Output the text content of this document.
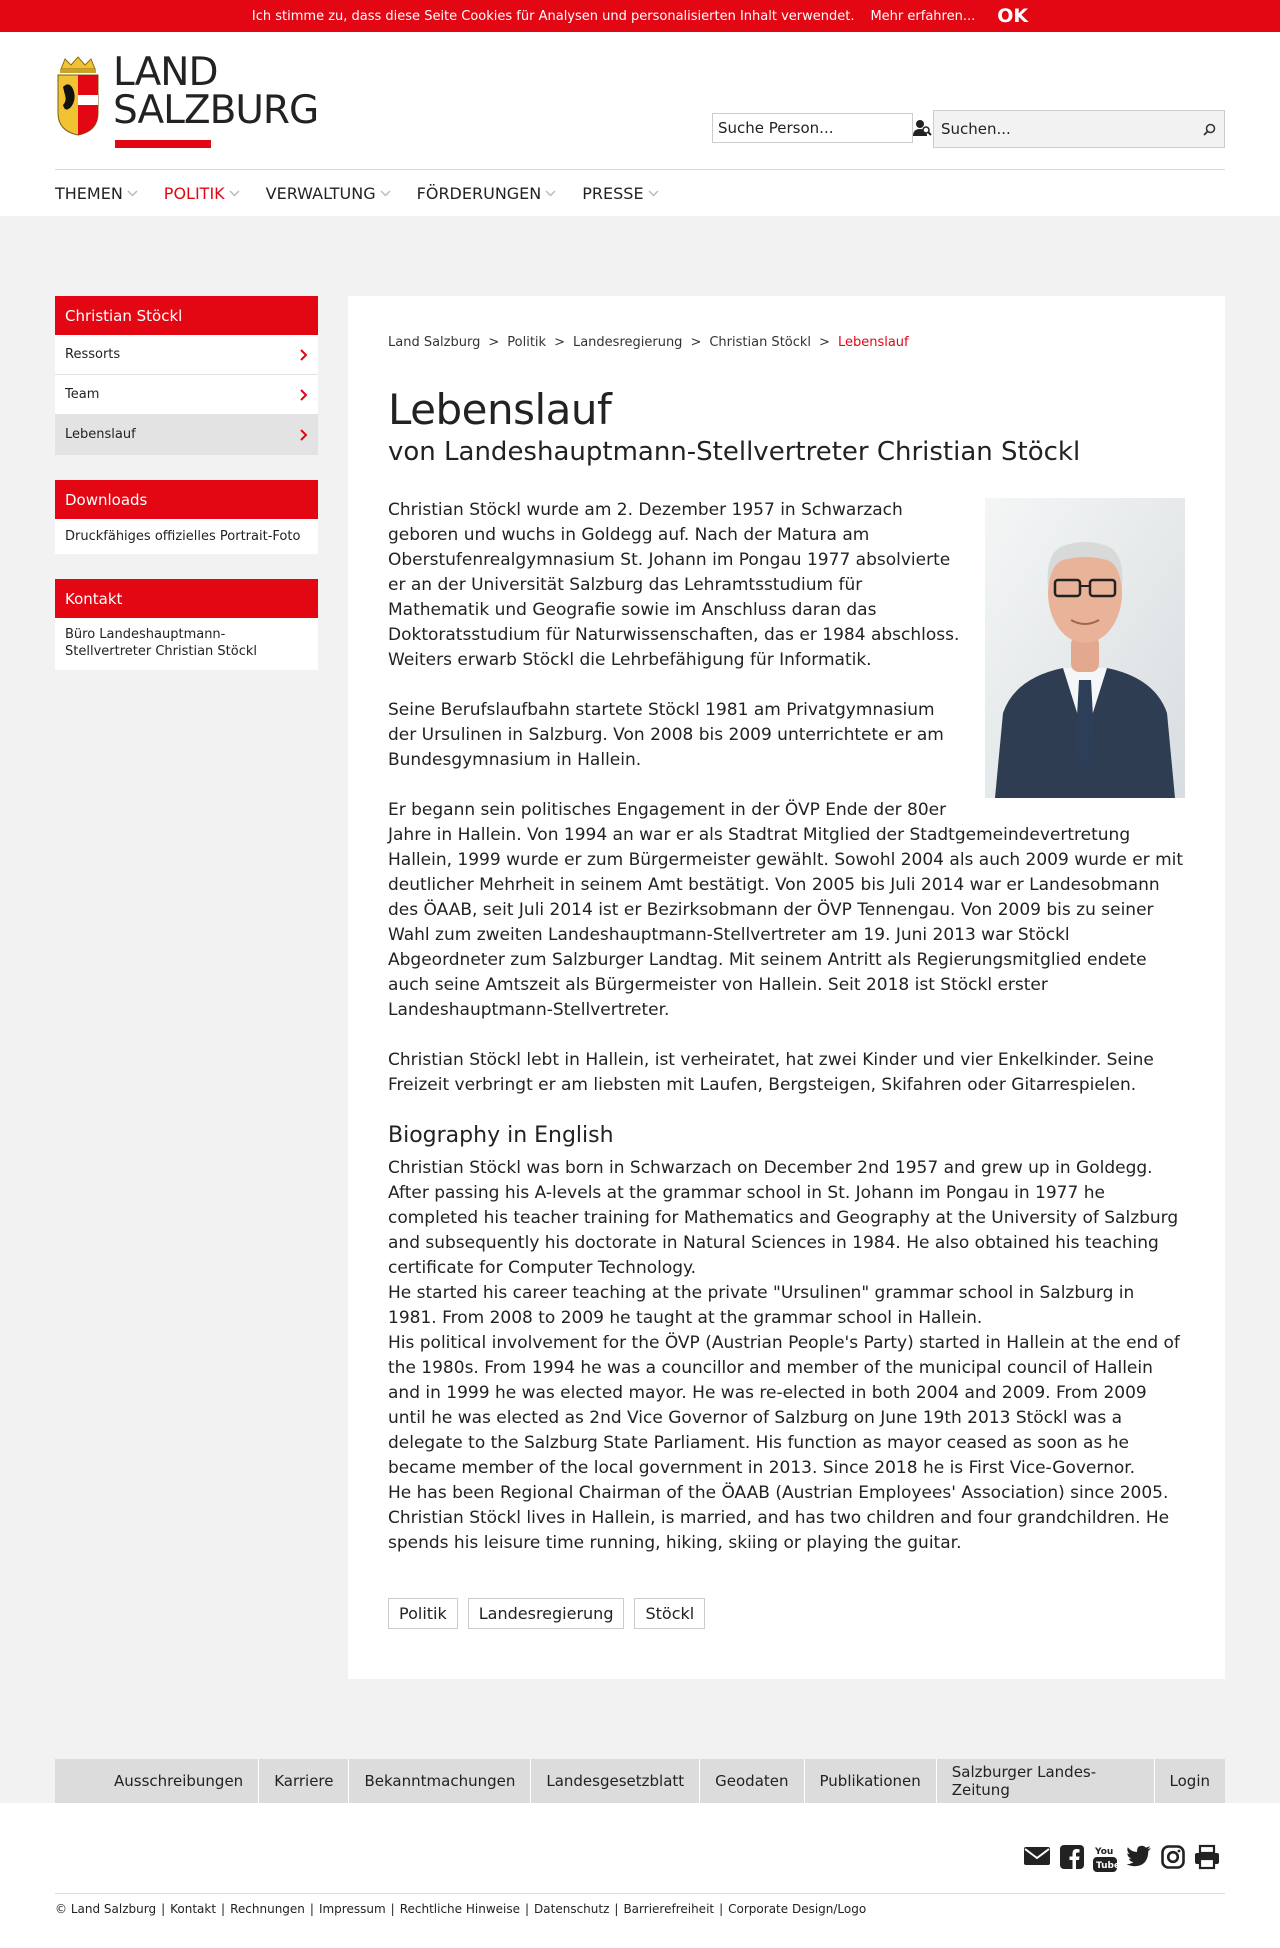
Ich stimme zu, dass diese Seite Cookies für Analysen und personalisierten Inhalt verwendet. Mehr erfahren... OK
LAND
SALZBURG
Suche Person...
Suchen...
THEMEN	POLITIK	VERWALTUNG	FÖRDERUNGEN	PRESSE
Christian Stöckl
Ressorts
Team
Lebenslauf
Downloads
Druckfähiges offizielles Portrait-Foto
Kontakt
Büro Landeshauptmann-Stellvertreter Christian Stöckl
Land Salzburg > Politik > Landesregierung > Christian Stöckl > Lebenslauf
Lebenslauf
von Landeshauptmann-Stellvertreter Christian Stöckl

Christian Stöckl wurde am 2. Dezember 1957 in Schwarzach geboren und wuchs in Goldegg auf. Nach der Matura am Oberstufenrealgymnasium St. Johann im Pongau 1977 absolvierte er an der Universität Salzburg das Lehramtsstudium für Mathematik und Geografie sowie im Anschluss daran das Doktoratsstudium für Naturwissenschaften, das er 1984 abschloss. Weiters erwarb Stöckl die Lehrbefähigung für Informatik.

Seine Berufslaufbahn startete Stöckl 1981 am Privatgymnasium der Ursulinen in Salzburg. Von 2008 bis 2009 unterrichtete er am Bundesgymnasium in Hallein.

Er begann sein politisches Engagement in der ÖVP Ende der 80er Jahre in Hallein. Von 1994 an war er als Stadtrat Mitglied der Stadtgemeindevertretung Hallein, 1999 wurde er zum Bürgermeister gewählt. Sowohl 2004 als auch 2009 wurde er mit deutlicher Mehrheit in seinem Amt bestätigt. Von 2005 bis Juli 2014 war er Landesobmann des ÖAAB, seit Juli 2014 ist er Bezirksobmann der ÖVP Tennengau. Von 2009 bis zu seiner Wahl zum zweiten Landeshauptmann-Stellvertreter am 19. Juni 2013 war Stöckl Abgeordneter zum Salzburger Landtag. Mit seinem Antritt als Regierungsmitglied endete auch seine Amtszeit als Bürgermeister von Hallein. Seit 2018 ist Stöckl erster Landeshauptmann-Stellvertreter.

Christian Stöckl lebt in Hallein, ist verheiratet, hat zwei Kinder und vier Enkelkinder. Seine Freizeit verbringt er am liebsten mit Laufen, Bergsteigen, Skifahren oder Gitarrespielen.

Biography in English

Christian Stöckl was born in Schwarzach on December 2nd 1957 and grew up in Goldegg. After passing his A-levels at the grammar school in St. Johann im Pongau in 1977 he completed his teacher training for Mathematics and Geography at the University of Salzburg and subsequently his doctorate in Natural Sciences in 1984. He also obtained his teaching certificate for Computer Technology.

He started his career teaching at the private "Ursulinen" grammar school in Salzburg in 1981. From 2008 to 2009 he taught at the grammar school in Hallein.

His political involvement for the ÖVP (Austrian People's Party) started in Hallein at the end of the 1980s. From 1994 he was a councillor and member of the municipal council of Hallein and in 1999 he was elected mayor. He was re-elected in both 2004 and 2009. From 2009 until he was elected as 2nd Vice Governor of Salzburg on June 19th 2013 Stöckl was a delegate to the Salzburg State Parliament. His function as mayor ceased as soon as he became member of the local government in 2013. Since 2018 he is First Vice-Governor.

He has been Regional Chairman of the ÖAAB (Austrian Employees' Association) since 2005.

Christian Stöckl lives in Hallein, is married, and has two children and four grandchildren. He spends his leisure time running, hiking, skiing or playing the guitar.

Politik	Landesregierung	Stöckl
Ausschreibungen	Karriere	Bekanntmachungen	Landesgesetzblatt	Geodaten	Publikationen	Salzburger Landes-Zeitung	Login
You
Tube
© Land Salzburg | Kontakt | Rechnungen | Impressum | Rechtliche Hinweise | Datenschutz | Barrierefreiheit | Corporate Design/Logo
